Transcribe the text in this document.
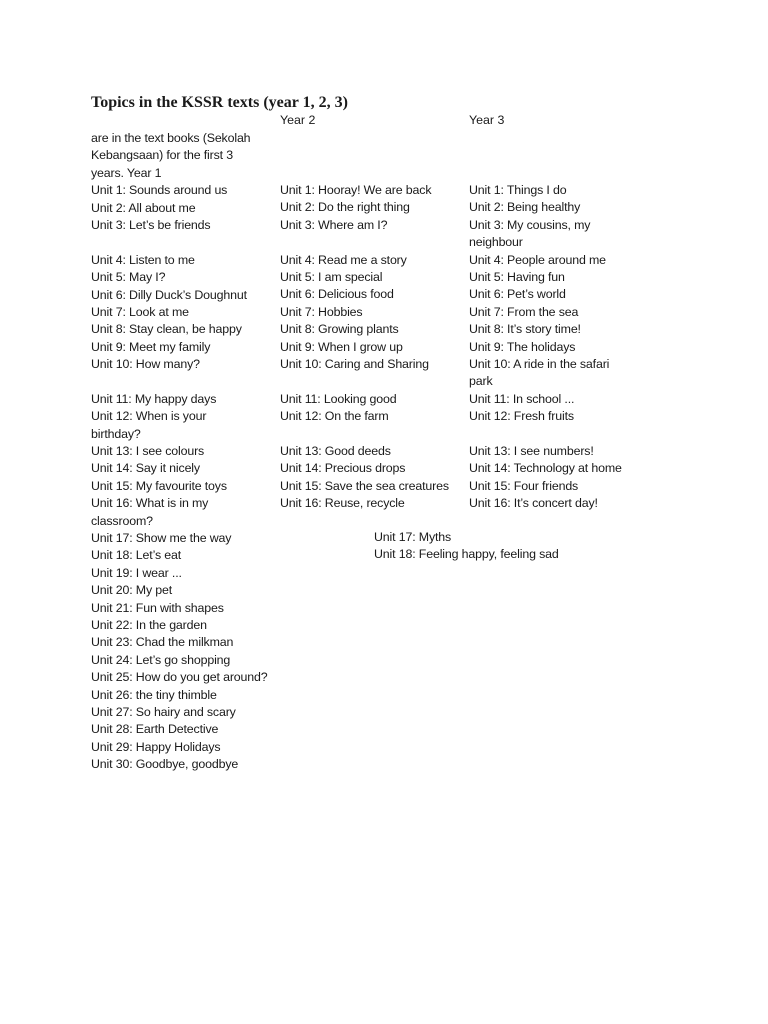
Topics in the KSSR texts (year 1, 2, 3)
Year 2	Year 3
are in the text books (Sekolah
Kebangsaan) for the first 3
years. Year 1
Unit 1: Sounds around us
Unit 2: All about me
Unit 3: Let’s be friends
Unit 4: Listen to me
Unit 5: May I?
Unit 6: Dilly Duck’s Doughnut
Unit 7: Look at me
Unit 8: Stay clean, be happy
Unit 9: Meet my family
Unit 10: How many?
Unit 11: My happy days
Unit 12: When is your
birthday?
Unit 13: I see colours
Unit 14: Say it nicely
Unit 15: My favourite toys
Unit 16: What is in my
classroom?
Unit 17: Show me the way
Unit 18: Let’s eat
Unit 19: I wear ...
Unit 20: My pet
Unit 21: Fun with shapes
Unit 22: In the garden
Unit 23: Chad the milkman
Unit 24: Let’s go shopping
Unit 25: How do you get around?
Unit 26: the tiny thimble
Unit 27: So hairy and scary
Unit 28: Earth Detective
Unit 29: Happy Holidays
Unit 30: Goodbye, goodbye
Unit 1: Hooray! We are back
Unit 2: Do the right thing
Unit 3: Where am I?
Unit 4: Read me a story
Unit 5: I am special
Unit 6: Delicious food
Unit 7: Hobbies
Unit 8: Growing plants
Unit 9: When I grow up
Unit 10: Caring and Sharing
Unit 11: Looking good
Unit 12: On the farm
Unit 13: Good deeds
Unit 14: Precious drops
Unit 15: Save the sea creatures
Unit 16: Reuse, recycle
Unit 1: Things I do
Unit 2: Being healthy
Unit 3: My cousins, my
neighbour
Unit 4: People around me
Unit 5: Having fun
Unit 6: Pet’s world
Unit 7: From the sea
Unit 8: It’s story time!
Unit 9: The holidays
Unit 10: A ride in the safari
park
Unit 11: In school ...
Unit 12: Fresh fruits
Unit 13: I see numbers!
Unit 14: Technology at home
Unit 15: Four friends
Unit 16: It’s concert day!
Unit 17: Myths
Unit 18: Feeling happy, feeling sad
